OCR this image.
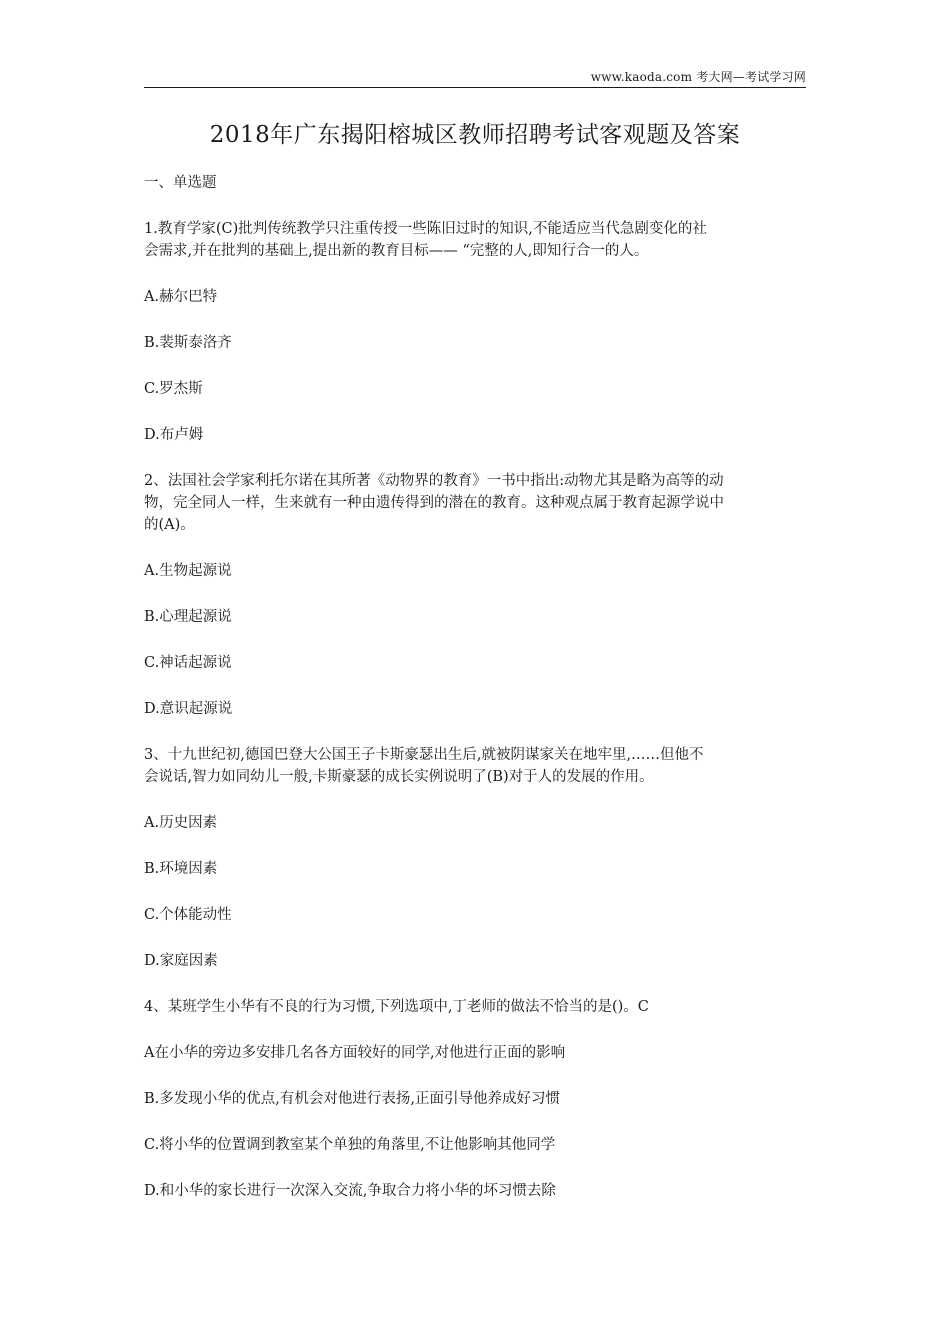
www.kaoda.com 考大网—考试学习网
2018年广东揭阳榕城区教师招聘考试客观题及答案

一、单选题

1.教育学家(C)批判传统教学只注重传授一些陈旧过时的知识,不能适应当代急剧变化的社

会需求,并在批判的基础上,提出新的教育目标—— “完整的人,即知行合一的人。

A.赫尔巴特

B.裴斯泰洛齐

C.罗杰斯

D.布卢姆

2、法国社会学家利托尔诺在其所著《动物界的教育》一书中指出:动物尤其是略为高等的动

物，完全同人一样，生来就有一种由遗传得到的潜在的教育。这种观点属于教育起源学说中

的(A)。

A.生物起源说

B.心理起源说

C.神话起源说

D.意识起源说

3、十九世纪初,德国巴登大公国王子卡斯豪瑟出生后,就被阴谋家关在地牢里,……但他不

会说话,智力如同幼儿一般,卡斯豪瑟的成长实例说明了(B)对于人的发展的作用。

A.历史因素

B.环境因素

C.个体能动性

D.家庭因素

4、某班学生小华有不良的行为习惯,下列选项中,丁老师的做法不恰当的是()。C

A在小华的旁边多安排几名各方面较好的同学,对他进行正面的影响

B.多发现小华的优点,有机会对他进行表扬,正面引导他养成好习惯

C.将小华的位置调到教室某个单独的角落里,不让他影响其他同学

D.和小华的家长进行一次深入交流,争取合力将小华的坏习惯去除
